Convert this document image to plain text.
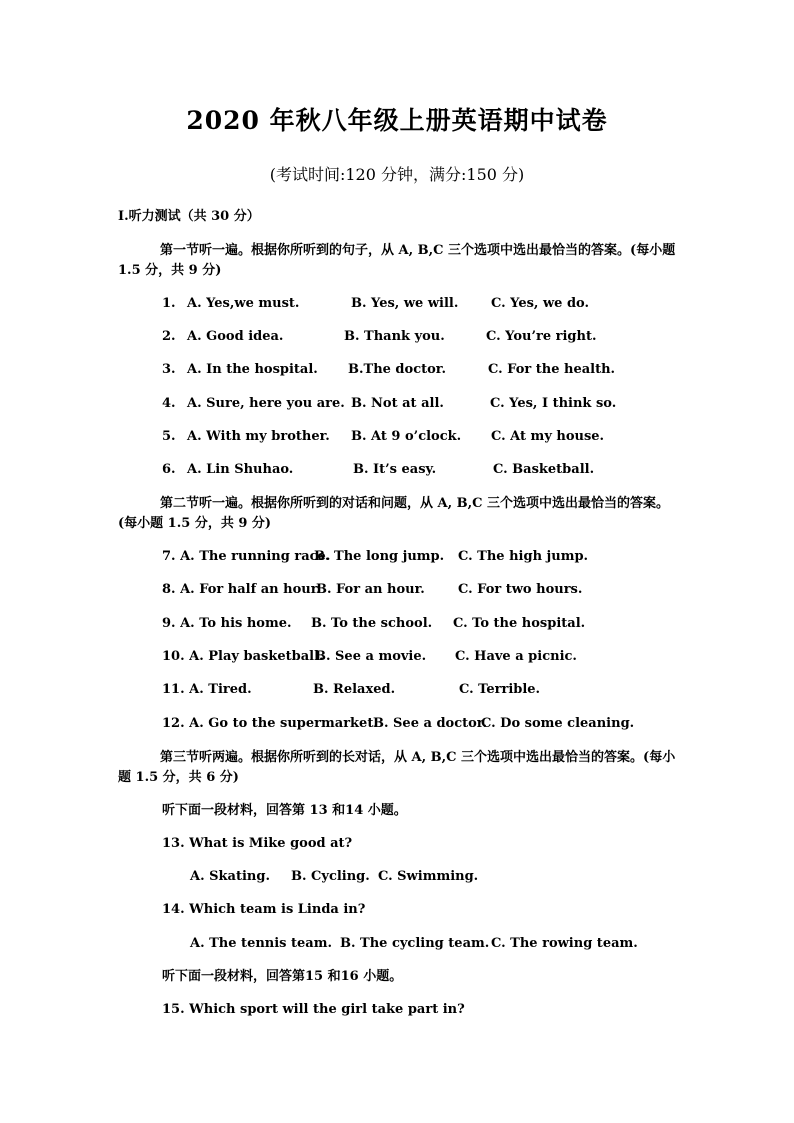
2020 年秋八年级上册英语期中试卷
(考试时间:120 分钟，满分:150 分)
I.听力测试（共 30 分）
第一节听一遍。根据你所听到的句子，从 A, B,C 三个选项中选出最恰当的答案。(每小题 1.5 分，共 9 分)
1. A. Yes,we must.	B. Yes, we will.	C. Yes, we do.
2. A. Good idea.	B. Thank you.	C. You’re right.
3. A. In the hospital. B.The doctor.	C. For the health.
4. A. Sure, here you are. B. Not at all.	C. Yes, I think so.
5. A. With my brother. B. At 9 o’clock. C. At my house.
6. A. Lin Shuhao.	B. It’s easy.	C. Basketball.
第二节听一遍。根据你所听到的对话和问题，从 A, B,C 三个选项中选出最恰当的答案。(每小题 1.5 分，共 9 分)
7. A. The running race.
B. The long jump. C. The high jump.
8. A. For half an hour.
B. For an hour.	C. For two hours.
9. A. To his home. B. To the school. C. To the hospital.
10. A. Play basketball.
B. See a movie. C. Have a picnic.
11. A. Tired.	B. Relaxed.	C. Terrible.
12. A. Go to the supermarket.
B. See a doctor.
C. Do some cleaning.
第三节听两遍。根据你所听到的长对话，从 A, B,C 三个选项中选出最恰当的答案。(每小题 1.5 分，共 6 分)
听下面一段材料，回答第 13 和14 小题。
13. What is Mike good at?
A. Skating. B. Cycling. C. Swimming.
14. Which team is Linda in?
A. The tennis team. B. The cycling team. C. The rowing team.
听下面一段材料，回答第15 和16 小题。
15. Which sport will the girl take part in?
